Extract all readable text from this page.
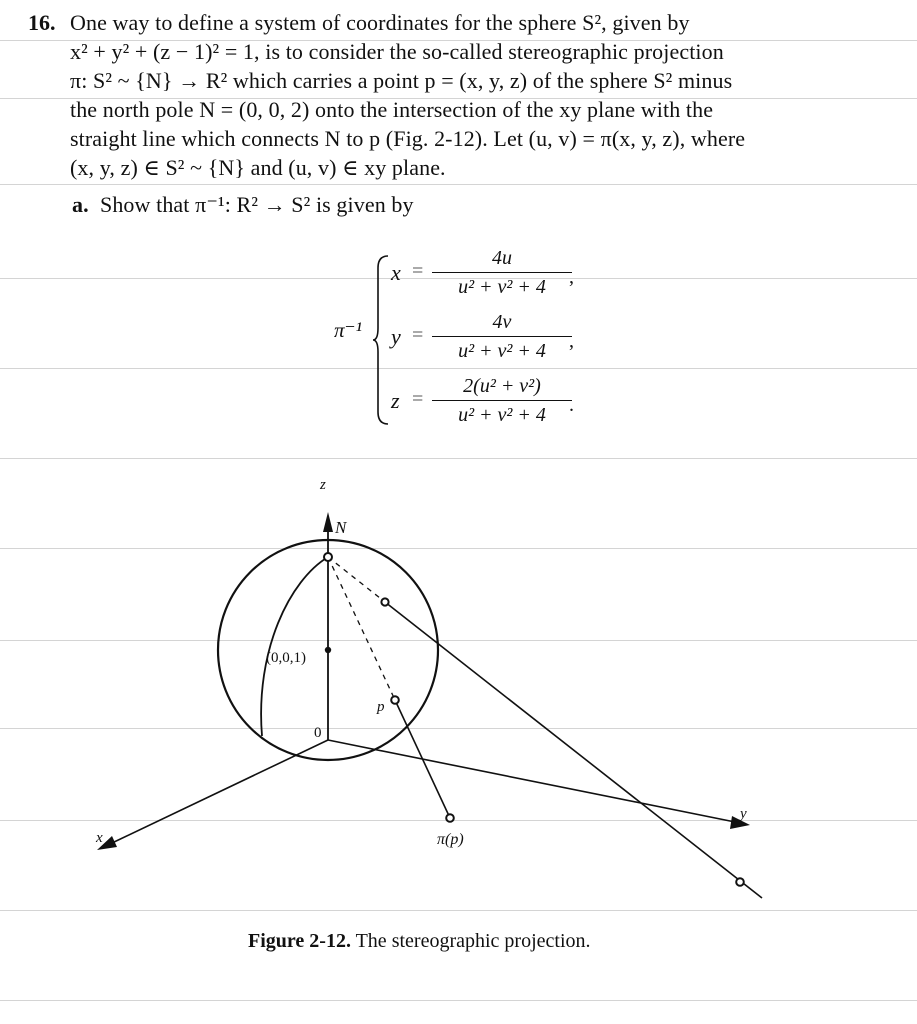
16. One way to define a system of coordinates for the sphere S², given by
x² + y² + (z − 1)² = 1, is to consider the so-called stereographic projection
π: S² ~ {N} → R² which carries a point p = (x, y, z) of the sphere S² minus
the north pole N = (0, 0, 2) onto the intersection of the xy plane with the
straight line which connects N to p (Fig. 2-12). Let (u, v) = π(x, y, z), where
(x, y, z) ∈ S² ~ {N} and (u, v) ∈ xy plane.
a. Show that π⁻¹: R² → S² is given by
π⁻¹
x =
4u
u² + v² + 4	,
y =
4v
u² + v² + 4	,
z =
2(u² + v²)
u² + v² + 4	.
z
N
x
y
(0,0,1)
0
p
π(p)
Figure 2-12. The stereographic projection.
